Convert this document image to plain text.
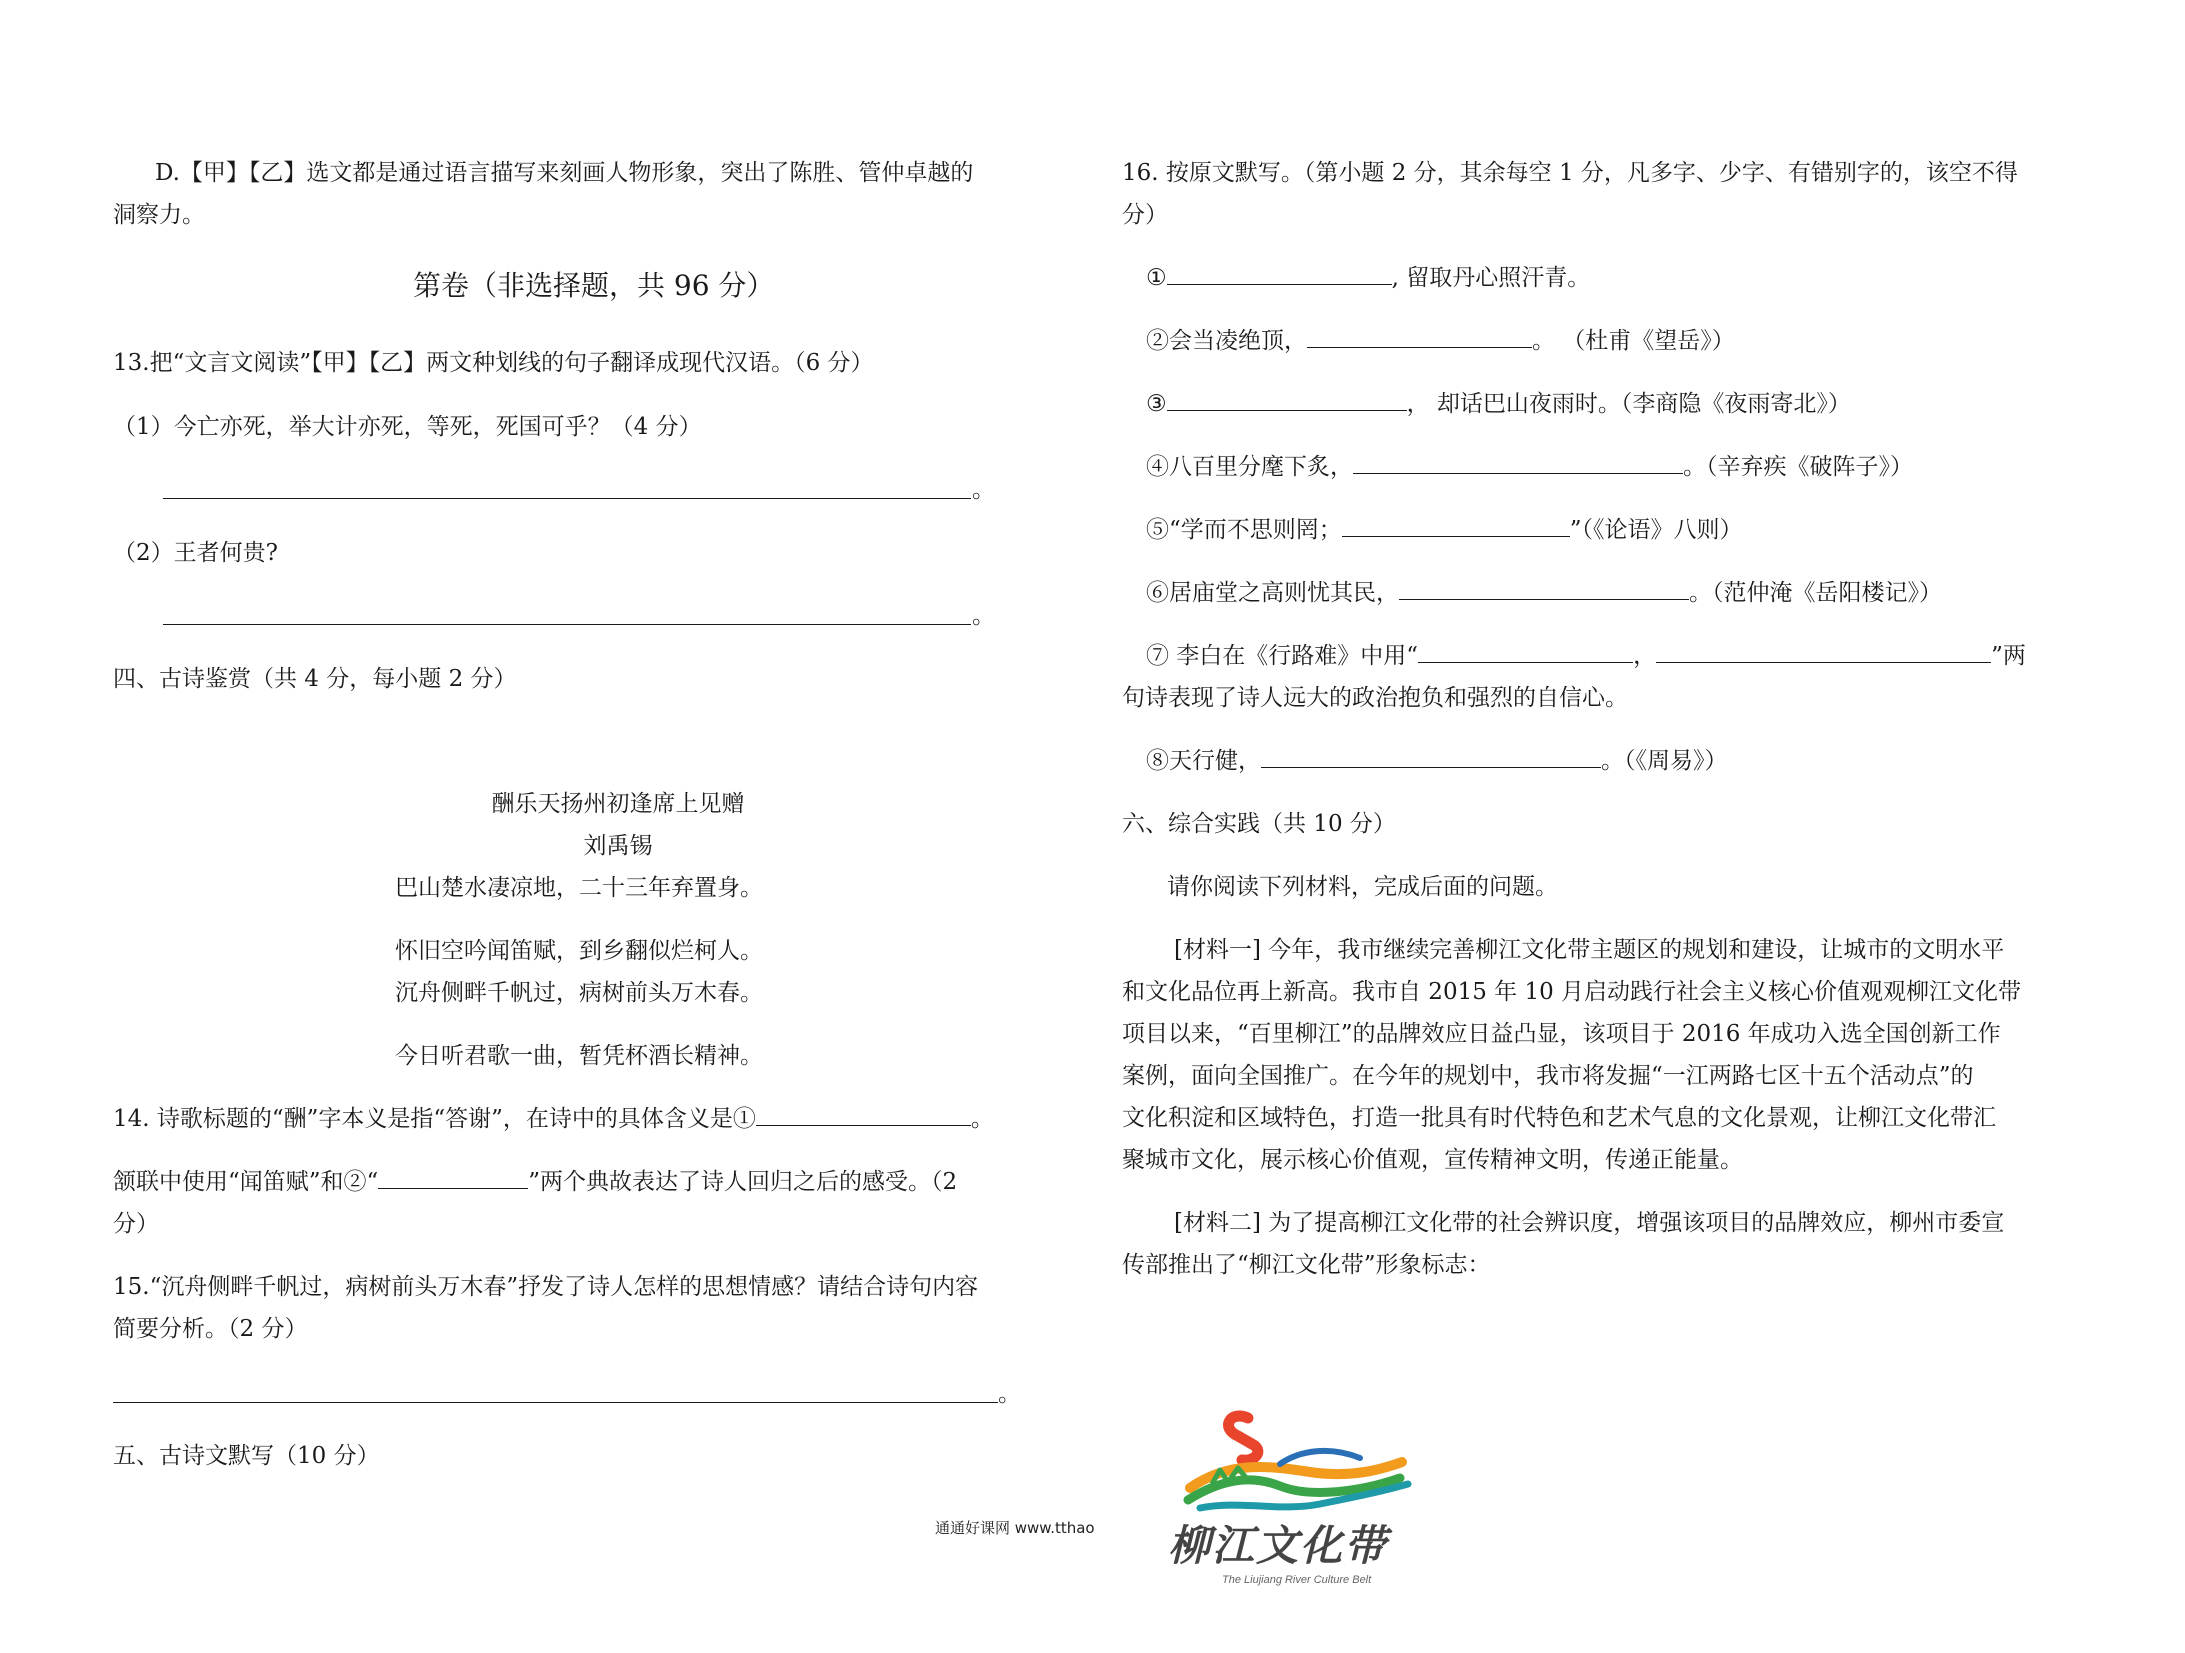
D.【甲】【乙】选文都是通过语言描写来刻画人物形象，突出了陈胜、管仲卓越的
洞察力。
第卷（非选择题，共 96 分）
13.把“文言文阅读”【甲】【乙】两文种划线的句子翻译成现代汉语。（6 分）
（1）今亡亦死，举大计亦死，等死，死国可乎？（4 分）
。
（2）王者何贵?
。
四、古诗鉴赏（共 4 分，每小题 2 分）
酬乐天扬州初逢席上见赠
刘禹锡
巴山楚水凄凉地，二十三年弃置身。
怀旧空吟闻笛赋，到乡翻似烂柯人。
沉舟侧畔千帆过，病树前头万木春。
今日听君歌一曲，暂凭杯酒长精神。
14. 诗歌标题的“酬”字本义是指“答谢”，在诗中的具体含义是①	。
颔联中使用“闻笛赋”和②“	”两个典故表达了诗人回归之后的感受。（2
分）
15.“沉舟侧畔千帆过，病树前头万木春”抒发了诗人怎样的思想情感？请结合诗句内容
简要分析。（2 分）
。
五、古诗文默写（10 分）
16. 按原文默写。（第小题 2 分，其余每空 1 分，凡多字、少字、有错别字的，该空不得
分）
①	, 留取丹心照汗青。
②会当凌绝顶，	。 （杜甫《望岳》）
③	， 却话巴山夜雨时。（李商隐《夜雨寄北》）
④八百里分麾下炙，	。（辛弃疾《破阵子》）
⑤“学而不思则罔；	”（《论语》八则）
⑥居庙堂之高则忧其民，	。（范仲淹《岳阳楼记》）
⑦ 李白在《行路难》中用“	，	”两
句诗表现了诗人远大的政治抱负和强烈的自信心。
⑧天行健，	。（《周易》）
六、综合实践（共 10 分）
请你阅读下列材料，完成后面的问题。
[材料一] 今年，我市继续完善柳江文化带主题区的规划和建设，让城市的文明水平
和文化品位再上新高。我市自 2015 年 10 月启动践行社会主义核心价值观观柳江文化带
项目以来，“百里柳江”的品牌效应日益凸显，该项目于 2016 年成功入选全国创新工作
案例，面向全国推广。在今年的规划中，我市将发掘“一江两路七区十五个活动点”的
文化积淀和区域特色，打造一批具有时代特色和艺术气息的文化景观，让柳江文化带汇
聚城市文化，展示核心价值观，宣传精神文明，传递正能量。
[材料二] 为了提高柳江文化带的社会辨识度，增强该项目的品牌效应，柳州市委宣
传部推出了“柳江文化带”形象标志：
通通好课网 www.tthao 柳江文化带
The Liujiang River Culture Belt
